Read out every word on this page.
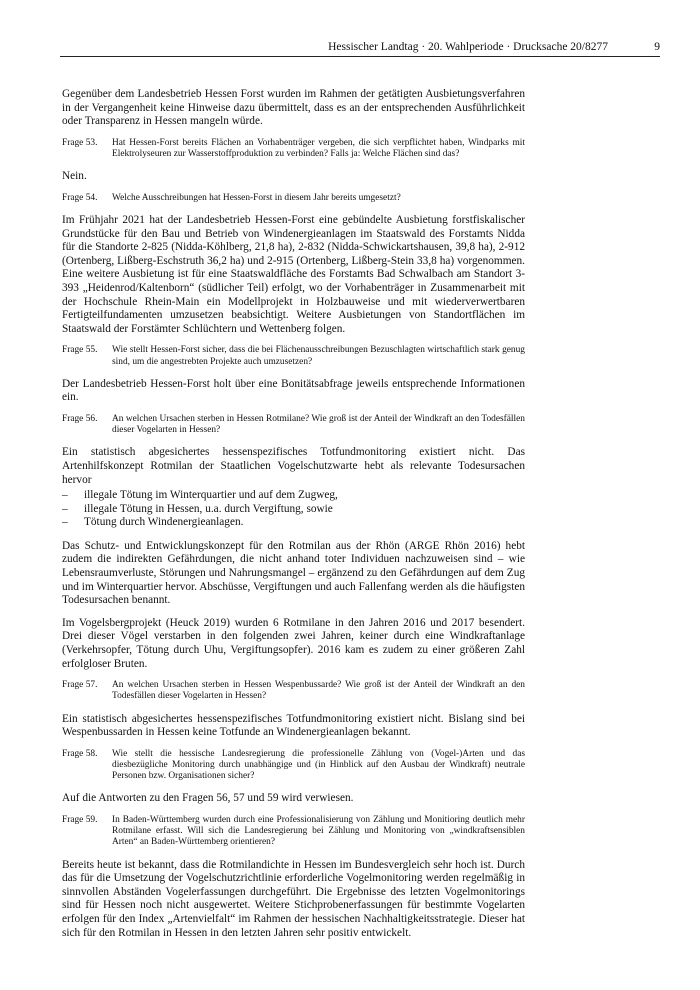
Hessischer Landtag · 20. Wahlperiode · Drucksache 20/8277	9

Gegenüber dem Landesbetrieb Hessen Forst wurden im Rahmen der getätigten Ausbietungsverfahren in der Vergangenheit keine Hinweise dazu übermittelt, dass es an der entsprechenden Ausführlichkeit oder Transparenz in Hessen mangeln würde.

Frage 53.	Hat Hessen-Forst bereits Flächen an Vorhabenträger vergeben, die sich verpflichtet haben, Windparks mit Elektrolyseuren zur Wasserstoffproduktion zu verbinden? Falls ja: Welche Flächen sind das?

Nein.

Frage 54.	Welche Ausschreibungen hat Hessen-Forst in diesem Jahr bereits umgesetzt?

Im Frühjahr 2021 hat der Landesbetrieb Hessen-Forst eine gebündelte Ausbietung forstfiskalischer Grundstücke für den Bau und Betrieb von Windenergieanlagen im Staatswald des Forstamts Nidda für die Standorte 2-825 (Nidda-Köhlberg, 21,8 ha), 2-832 (Nidda-Schwickartshausen, 39,8 ha), 2-912 (Ortenberg, Lißberg-Eschstruth 36,2 ha) und 2-915 (Ortenberg, Lißberg-Stein 33,8 ha) vorgenommen. Eine weitere Ausbietung ist für eine Staatswaldfläche des Forstamts Bad Schwalbach am Standort 3-393 „Heidenrod/Kaltenborn“ (südlicher Teil) erfolgt, wo der Vorhabenträger in Zusammenarbeit mit der Hochschule Rhein-Main ein Modellprojekt in Holzbauweise und mit wiederverwertbaren Fertigteilfundamenten umzusetzen beabsichtigt. Weitere Ausbietungen von Standortflächen im Staatswald der Forstämter Schlüchtern und Wettenberg folgen.

Frage 55.	Wie stellt Hessen-Forst sicher, dass die bei Flächenausschreibungen Bezuschlagten wirtschaftlich stark genug sind, um die angestrebten Projekte auch umzusetzen?

Der Landesbetrieb Hessen-Forst holt über eine Bonitätsabfrage jeweils entsprechende Informationen ein.

Frage 56.	An welchen Ursachen sterben in Hessen Rotmilane? Wie groß ist der Anteil der Windkraft an den Todesfällen dieser Vogelarten in Hessen?

Ein statistisch abgesichertes hessenspezifisches Totfundmonitoring existiert nicht. Das Artenhilfskonzept Rotmilan der Staatlichen Vogelschutzwarte hebt als relevante Todesursachen hervor

– illegale Tötung im Winterquartier und auf dem Zugweg,
– illegale Tötung in Hessen, u.a. durch Vergiftung, sowie
– Tötung durch Windenergieanlagen.

Das Schutz- und Entwicklungskonzept für den Rotmilan aus der Rhön (ARGE Rhön 2016) hebt zudem die indirekten Gefährdungen, die nicht anhand toter Individuen nachzuweisen sind – wie Lebensraumverluste, Störungen und Nahrungsmangel – ergänzend zu den Gefährdungen auf dem Zug und im Winterquartier hervor. Abschüsse, Vergiftungen und auch Fallenfang werden als die häufigsten Todesursachen benannt.

Im Vogelsbergprojekt (Heuck 2019) wurden 6 Rotmilane in den Jahren 2016 und 2017 besendert. Drei dieser Vögel verstarben in den folgenden zwei Jahren, keiner durch eine Windkraftanlage (Verkehrsopfer, Tötung durch Uhu, Vergiftungsopfer). 2016 kam es zudem zu einer größeren Zahl erfolgloser Bruten.

Frage 57.	An welchen Ursachen sterben in Hessen Wespenbussarde? Wie groß ist der Anteil der Windkraft an den Todesfällen dieser Vogelarten in Hessen?

Ein statistisch abgesichertes hessenspezifisches Totfundmonitoring existiert nicht. Bislang sind bei Wespenbussarden in Hessen keine Totfunde an Windenergieanlagen bekannt.

Frage 58.	Wie stellt die hessische Landesregierung die professionelle Zählung von (Vogel-)Arten und das diesbezügliche Monitoring durch unabhängige und (in Hinblick auf den Ausbau der Windkraft) neutrale Personen bzw. Organisationen sicher?

Auf die Antworten zu den Fragen 56, 57 und 59 wird verwiesen.

Frage 59.	In Baden-Württemberg wurden durch eine Professionalisierung von Zählung und Monitioring deutlich mehr Rotmilane erfasst. Will sich die Landesregierung bei Zählung und Monitoring von „windkraftsensiblen Arten“ an Baden-Württemberg orientieren?

Bereits heute ist bekannt, dass die Rotmilandichte in Hessen im Bundesvergleich sehr hoch ist. Durch das für die Umsetzung der Vogelschutzrichtlinie erforderliche Vogelmonitoring werden regelmäßig in sinnvollen Abständen Vogelerfassungen durchgeführt. Die Ergebnisse des letzten Vogelmonitorings sind für Hessen noch nicht ausgewertet. Weitere Stichprobenerfassungen für bestimmte Vogelarten erfolgen für den Index „Artenvielfalt“ im Rahmen der hessischen Nachhaltigkeitsstrategie. Dieser hat sich für den Rotmilan in Hessen in den letzten Jahren sehr positiv entwickelt.
